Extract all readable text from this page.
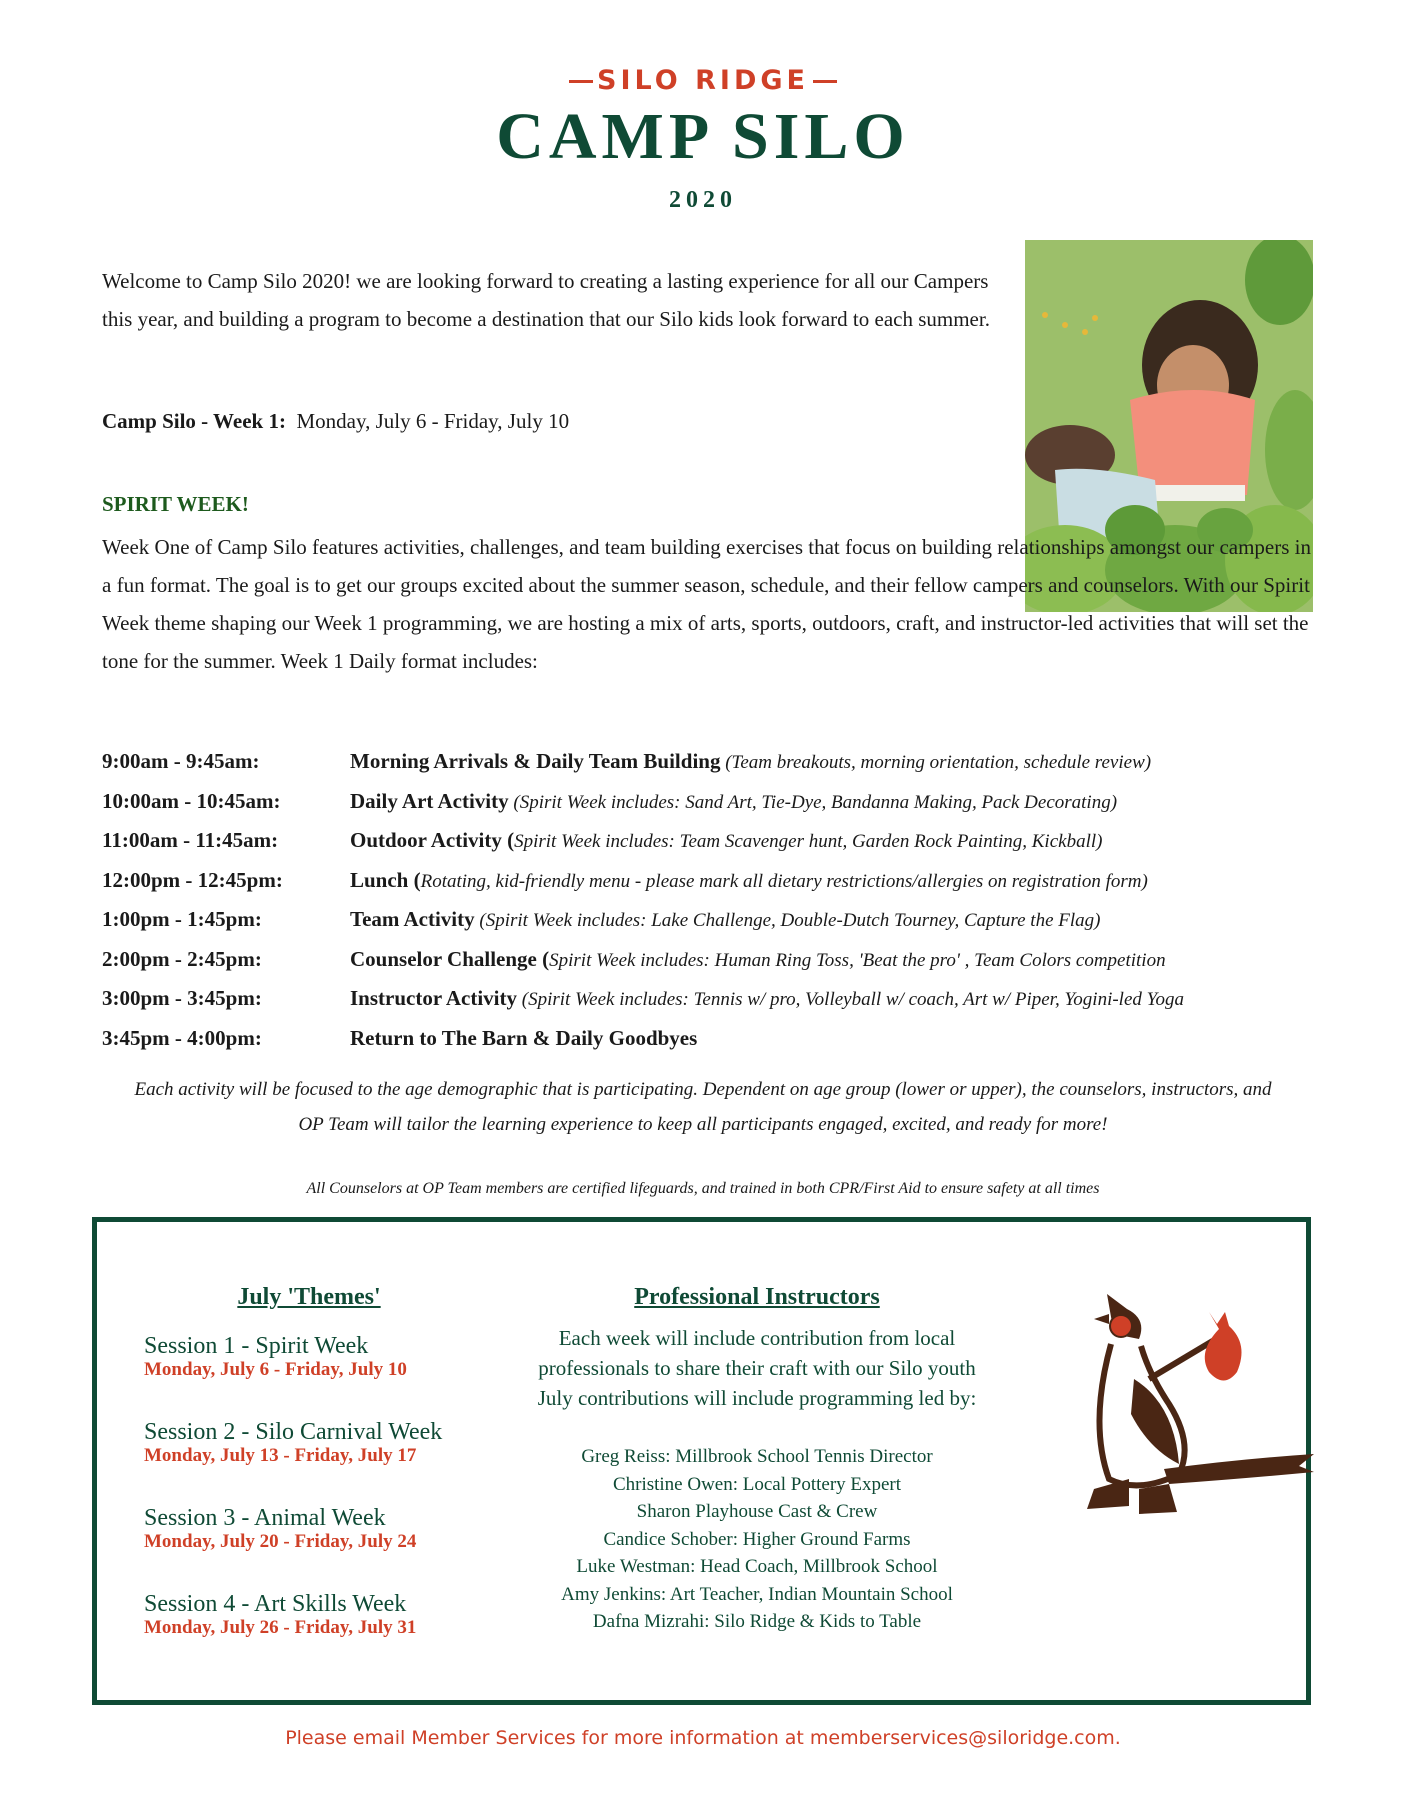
SILO RIDGE
CAMP SILO
2020
Welcome to Camp Silo 2020! we are looking forward to creating a lasting experience for all our Campers this year, and building a program to become a destination that our Silo kids look forward to each summer.
Camp Silo - Week 1: Monday, July 6 - Friday, July 10
SPIRIT WEEK!
Week One of Camp Silo features activities, challenges, and team building exercises that focus on building relationships amongst our campers in a fun format. The goal is to get our groups excited about the summer season, schedule, and their fellow campers and counselors. With our Spirit Week theme shaping our Week 1 programming, we are hosting a mix of arts, sports, outdoors, craft, and instructor-led activities that will set the tone for the summer. Week 1 Daily format includes:
9:00am - 9:45am:	Morning Arrivals & Daily Team Building (Team breakouts, morning orientation, schedule review)
10:00am - 10:45am:	Daily Art Activity (Spirit Week includes: Sand Art, Tie-Dye, Bandanna Making, Pack Decorating)
11:00am - 11:45am:	Outdoor Activity (Spirit Week includes: Team Scavenger hunt, Garden Rock Painting, Kickball)
12:00pm - 12:45pm:	Lunch (Rotating, kid-friendly menu - please mark all dietary restrictions/allergies on registration form)
1:00pm - 1:45pm:	Team Activity (Spirit Week includes: Lake Challenge, Double-Dutch Tourney, Capture the Flag)
2:00pm - 2:45pm:	Counselor Challenge (Spirit Week includes: Human Ring Toss, 'Beat the pro' , Team Colors competition
3:00pm - 3:45pm:	Instructor Activity (Spirit Week includes: Tennis w/ pro, Volleyball w/ coach, Art w/ Piper, Yogini-led Yoga
3:45pm - 4:00pm:	Return to The Barn & Daily Goodbyes
Each activity will be focused to the age demographic that is participating. Dependent on age group (lower or upper), the counselors, instructors, and OP Team will tailor the learning experience to keep all participants engaged, excited, and ready for more!
All Counselors at OP Team members are certified lifeguards, and trained in both CPR/First Aid to ensure safety at all times
July 'Themes'
Session 1 - Spirit Week
Monday, July 6 - Friday, July 10
Session 2 - Silo Carnival Week
Monday, July 13 - Friday, July 17
Session 3 - Animal Week
Monday, July 20 - Friday, July 24
Session 4 - Art Skills Week
Monday, July 26 - Friday, July 31
Professional Instructors
Each week will include contribution from local professionals to share their craft with our Silo youth July contributions will include programming led by:
Greg Reiss: Millbrook School Tennis Director
Christine Owen: Local Pottery Expert
Sharon Playhouse Cast & Crew
Candice Schober: Higher Ground Farms
Luke Westman: Head Coach, Millbrook School
Amy Jenkins: Art Teacher, Indian Mountain School
Dafna Mizrahi: Silo Ridge & Kids to Table
Please email Member Services for more information at memberservices@siloridge.com.
